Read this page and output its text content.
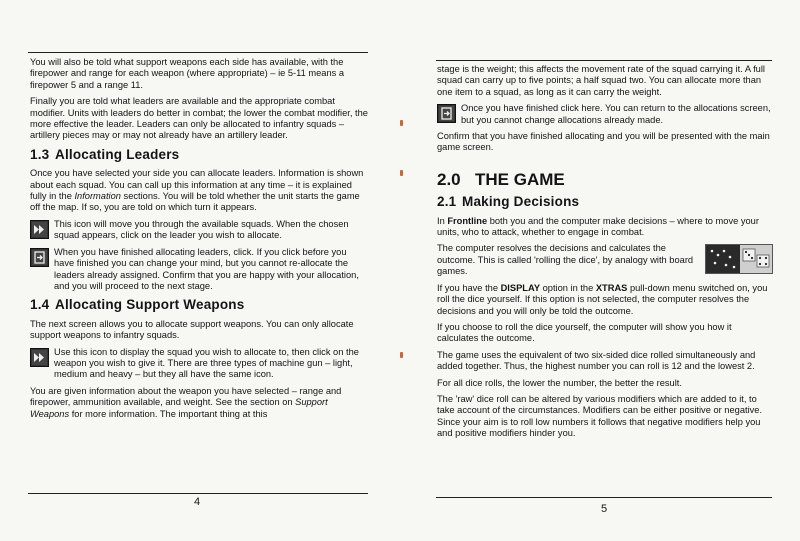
You will also be told what support weapons each side has available, with the firepower and range for each weapon (where appropriate) – ie 5-11 means a firepower 5 and a range 11.

Finally you are told what leaders are available and the appropriate combat modifier. Units with leaders do better in combat; the lower the combat modifier, the more effective the leader. Leaders can only be allocated to infantry squads – artillery pieces may or may not already have an artillery leader.

1.3 Allocating Leaders

Once you have selected your side you can allocate leaders. Information is shown about each squad. You can call up this information at any time – it is explained fully in the Information sections. You will be told whether the unit starts the game off the map. If so, you are told on which turn it appears.

This icon will move you through the available squads. When the chosen squad appears, click on the leader you wish to allocate.
When you have finished allocating leaders, click. If you click before you have finished you can change your mind, but you cannot re-allocate the leaders already assigned. Confirm that you are happy with your allocation, and you will proceed to the next stage.
1.4 Allocating Support Weapons

The next screen allows you to allocate support weapons. You can only allocate support weapons to infantry squads.

Use this icon to display the squad you wish to allocate to, then click on the weapon you wish to give it. There are three types of machine gun – light, medium and heavy – but they all have the same icon.

You are given information about the weapon you have selected – range and firepower, ammunition available, and weight. See the section on Support Weapons for more information. The important thing at this

4

stage is the weight; this affects the movement rate of the squad carrying it. A full squad can carry up to five points; a half squad two. You can allocate more than one item to a squad, as long as it can carry the weight.

Once you have finished click here. You can return to the allocations screen, but you cannot change allocations already made.

Confirm that you have finished allocating and you will be presented with the main game screen.

2.0 THE GAME
2.1 Making Decisions

In Frontline both you and the computer make decisions – where to move your units, who to attack, whether to engage in combat.

The computer resolves the decisions and calculates the outcome. This is called 'rolling the dice', by analogy with board games.

If you have the DISPLAY option in the XTRAS pull-down menu switched on, you roll the dice yourself. If this option is not selected, the computer resolves the decisions and you will only be told the outcome.

If you choose to roll the dice yourself, the computer will show you how it calculates the outcome.

The game uses the equivalent of two six-sided dice rolled simultaneously and added together. Thus, the highest number you can roll is 12 and the lowest 2.

For all dice rolls, the lower the number, the better the result.

The 'raw' dice roll can be altered by various modifiers which are added to it, to take account of the circumstances. Modifiers can be either positive or negative. Since your aim is to roll low numbers it follows that negative modifiers help you and positive modifiers hinder you.

5
